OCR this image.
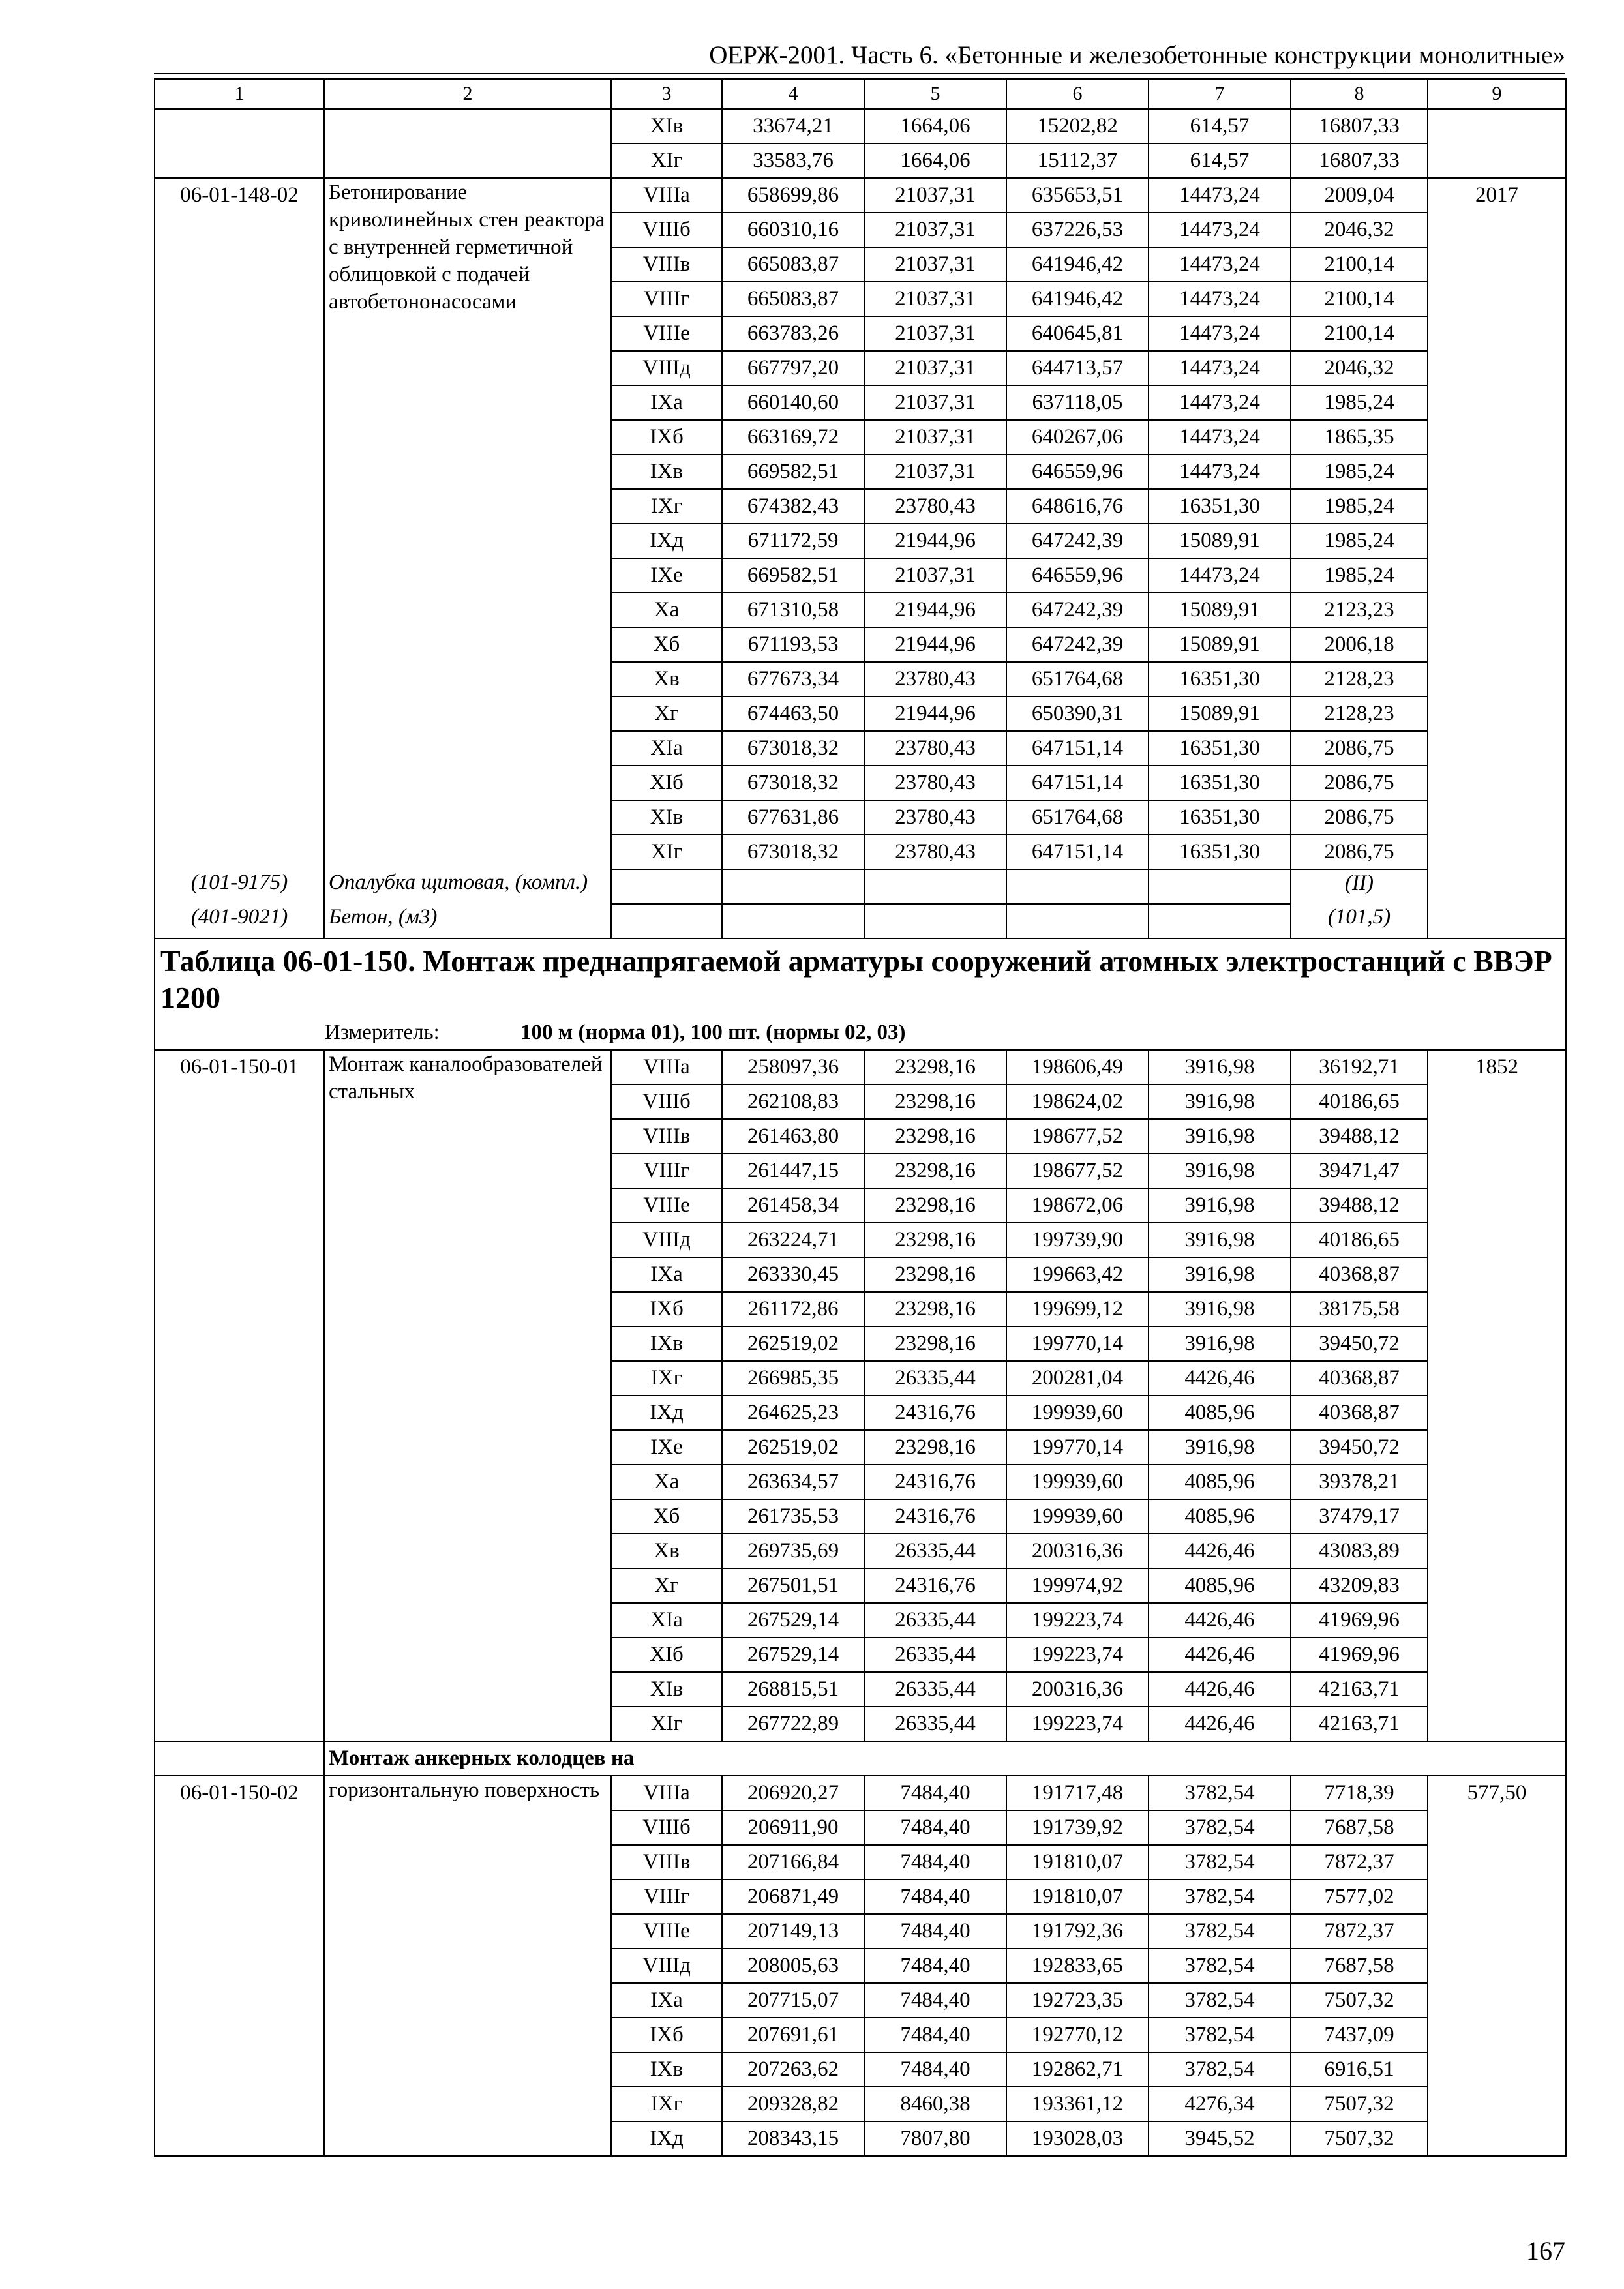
ОЕРЖ-2001. Часть 6. «Бетонные и железобетонные конструкции монолитные»
1	2	3	4	5	6	7	8	9
		XIв	33674,21	1664,06	15202,82	614,57	16807,33	
		XIг	33583,76	1664,06	15112,37	614,57	16807,33	
06-01-148-02	Бетонирование криволинейных стен реактора с внутренней герметичной облицовкой с подачей автобетононасосами	VIIIа	658699,86	21037,31	635653,51	14473,24	2009,04	2017
		VIIIб	660310,16	21037,31	637226,53	14473,24	2046,32	
		VIIIв	665083,87	21037,31	641946,42	14473,24	2100,14	
		VIIIг	665083,87	21037,31	641946,42	14473,24	2100,14	
		VIIIе	663783,26	21037,31	640645,81	14473,24	2100,14	
		VIIIд	667797,20	21037,31	644713,57	14473,24	2046,32	
		IXа	660140,60	21037,31	637118,05	14473,24	1985,24	
		IXб	663169,72	21037,31	640267,06	14473,24	1865,35	
		IXв	669582,51	21037,31	646559,96	14473,24	1985,24	
		IXг	674382,43	23780,43	648616,76	16351,30	1985,24	
		IXд	671172,59	21944,96	647242,39	15089,91	1985,24	
		IXе	669582,51	21037,31	646559,96	14473,24	1985,24	
		Xа	671310,58	21944,96	647242,39	15089,91	2123,23	
		Xб	671193,53	21944,96	647242,39	15089,91	2006,18	
		Xв	677673,34	23780,43	651764,68	16351,30	2128,23	
		Xг	674463,50	21944,96	650390,31	15089,91	2128,23	
		XIа	673018,32	23780,43	647151,14	16351,30	2086,75	
		XIб	673018,32	23780,43	647151,14	16351,30	2086,75	
		XIв	677631,86	23780,43	651764,68	16351,30	2086,75	
		XIг	673018,32	23780,43	647151,14	16351,30	2086,75	
(101-9175)	Опалубка щитовая, (компл.)						(II)	
(401-9021)	Бетон, (м3)						(101,5)	
Таблица 06-01-150. Монтаж преднапрягаемой арматуры сооружений атомных электростанций с ВВЭР 1200								
Измеритель: 100 м (норма 01), 100 шт. (нормы 02, 03)								
06-01-150-01	Монтаж каналообразователей стальных	VIIIа	258097,36	23298,16	198606,49	3916,98	36192,71	1852
		VIIIб	262108,83	23298,16	198624,02	3916,98	40186,65	
		VIIIв	261463,80	23298,16	198677,52	3916,98	39488,12	
		VIIIг	261447,15	23298,16	198677,52	3916,98	39471,47	
		VIIIе	261458,34	23298,16	198672,06	3916,98	39488,12	
		VIIIд	263224,71	23298,16	199739,90	3916,98	40186,65	
		IXа	263330,45	23298,16	199663,42	3916,98	40368,87	
		IXб	261172,86	23298,16	199699,12	3916,98	38175,58	
		IXв	262519,02	23298,16	199770,14	3916,98	39450,72	
		IXг	266985,35	26335,44	200281,04	4426,46	40368,87	
		IXд	264625,23	24316,76	199939,60	4085,96	40368,87	
		IXе	262519,02	23298,16	199770,14	3916,98	39450,72	
		Xа	263634,57	24316,76	199939,60	4085,96	39378,21	
		Xб	261735,53	24316,76	199939,60	4085,96	37479,17	
		Xв	269735,69	26335,44	200316,36	4426,46	43083,89	
		Xг	267501,51	24316,76	199974,92	4085,96	43209,83	
		XIа	267529,14	26335,44	199223,74	4426,46	41969,96	
		XIб	267529,14	26335,44	199223,74	4426,46	41969,96	
		XIв	268815,51	26335,44	200316,36	4426,46	42163,71	
		XIг	267722,89	26335,44	199223,74	4426,46	42163,71	
	Монтаж анкерных колодцев на							
06-01-150-02	горизонтальную поверхность	VIIIа	206920,27	7484,40	191717,48	3782,54	7718,39	577,50
		VIIIб	206911,90	7484,40	191739,92	3782,54	7687,58	
		VIIIв	207166,84	7484,40	191810,07	3782,54	7872,37	
		VIIIг	206871,49	7484,40	191810,07	3782,54	7577,02	
		VIIIе	207149,13	7484,40	191792,36	3782,54	7872,37	
		VIIIд	208005,63	7484,40	192833,65	3782,54	7687,58	
		IXа	207715,07	7484,40	192723,35	3782,54	7507,32	
		IXб	207691,61	7484,40	192770,12	3782,54	7437,09	
		IXв	207263,62	7484,40	192862,71	3782,54	6916,51	
		IXг	209328,82	8460,38	193361,12	4276,34	7507,32	
		IXд	208343,15	7807,80	193028,03	3945,52	7507,32	
167
